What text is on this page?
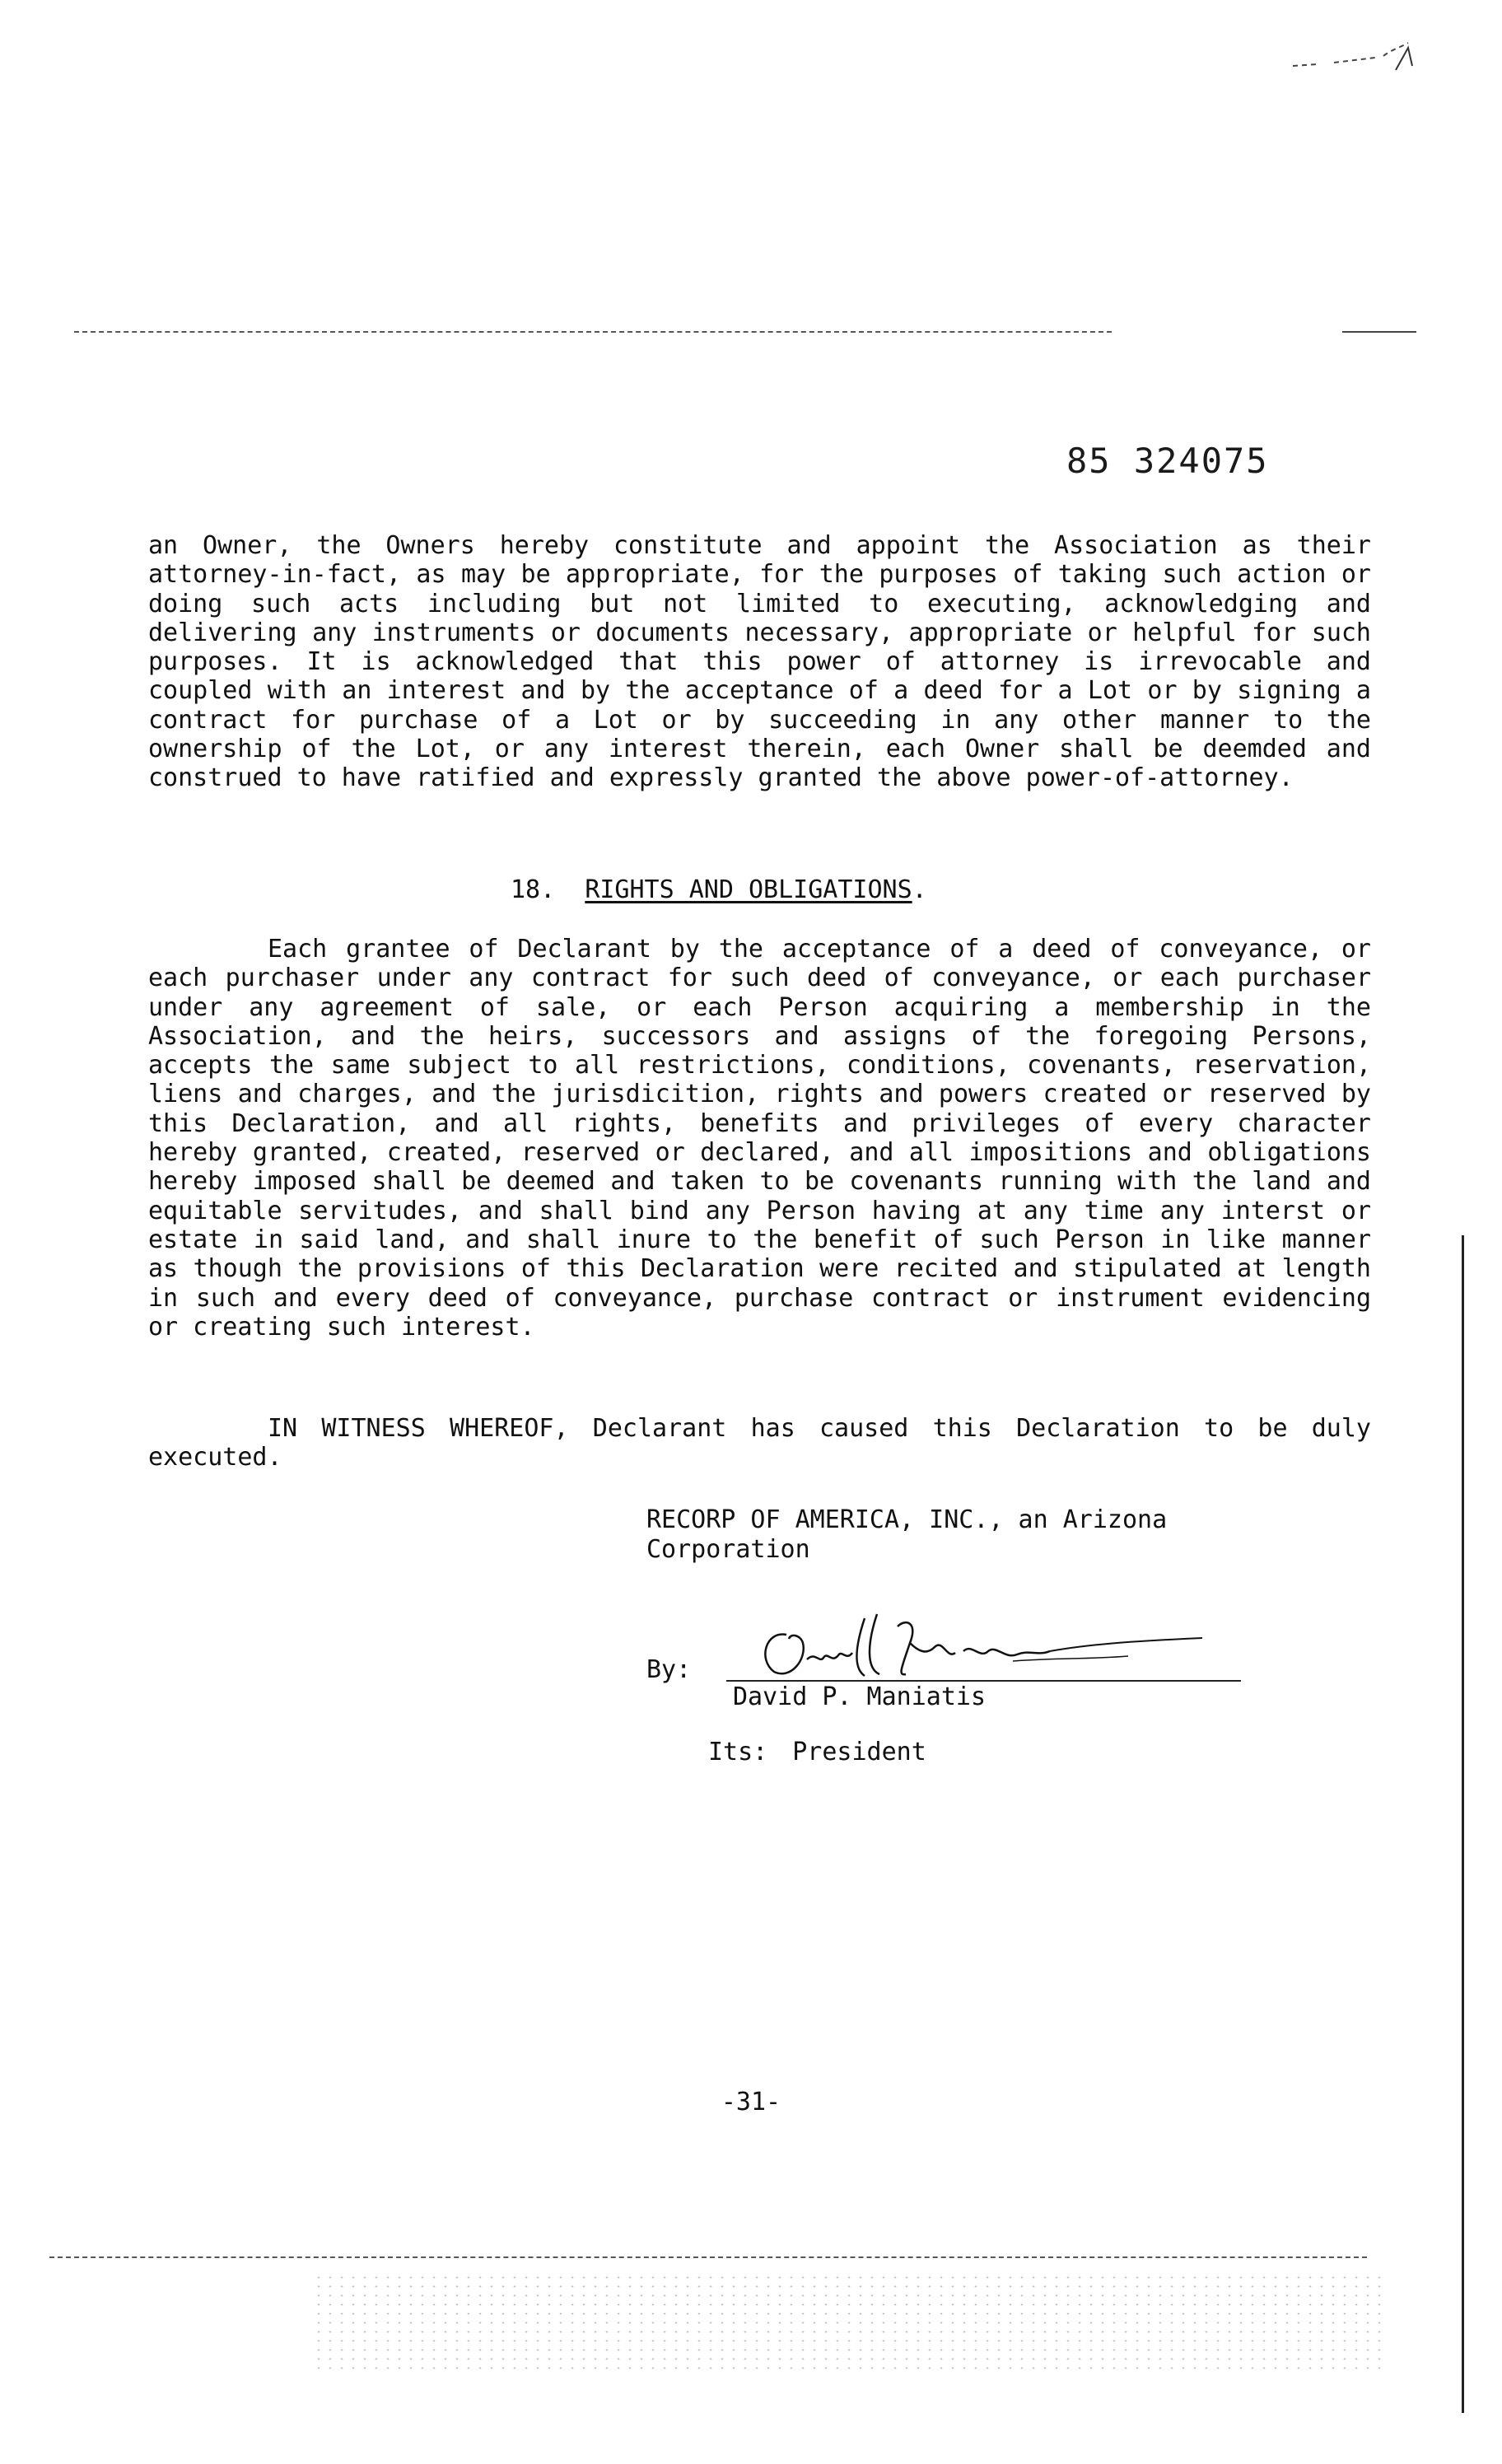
85 324075

an Owner, the Owners hereby constitute and appoint the Association as their attorney-in-fact, as may be appropriate, for the purposes of taking such action or doing such acts including but not limited to executing, acknowledging and delivering any instruments or documents necessary, appropriate or helpful for such purposes. It is acknowledged that this power of attorney is irrevocable and coupled with an interest and by the acceptance of a deed for a Lot or by signing a contract for purchase of a Lot or by succeeding in any other manner to the ownership of the Lot, or any interest therein, each Owner shall be deemded and construed to have ratified and expressly granted the above power-of-attorney.

18. RIGHTS AND OBLIGATIONS.

Each grantee of Declarant by the acceptance of a deed of conveyance, or each purchaser under any contract for such deed of conveyance, or each purchaser under any agreement of sale, or each Person acquiring a membership in the Association, and the heirs, successors and assigns of the foregoing Persons, accepts the same subject to all restrictions, conditions, covenants, reservation, liens and charges, and the jurisdicition, rights and powers created or reserved by this Declaration, and all rights, benefits and privileges of every character hereby granted, created, reserved or declared, and all impositions and obligations hereby imposed shall be deemed and taken to be covenants running with the land and equitable servitudes, and shall bind any Person having at any time any interst or estate in said land, and shall inure to the benefit of such Person in like manner as though the provisions of this Declaration were recited and stipulated at length in such and every deed of conveyance, purchase contract or instrument evidencing or creating such interest.

IN WITNESS WHEREOF, Declarant has caused this Declaration to be duly executed.

RECORP OF AMERICA, INC., an Arizona
Corporation
By:
David P. Maniatis
Its: President
-31-
